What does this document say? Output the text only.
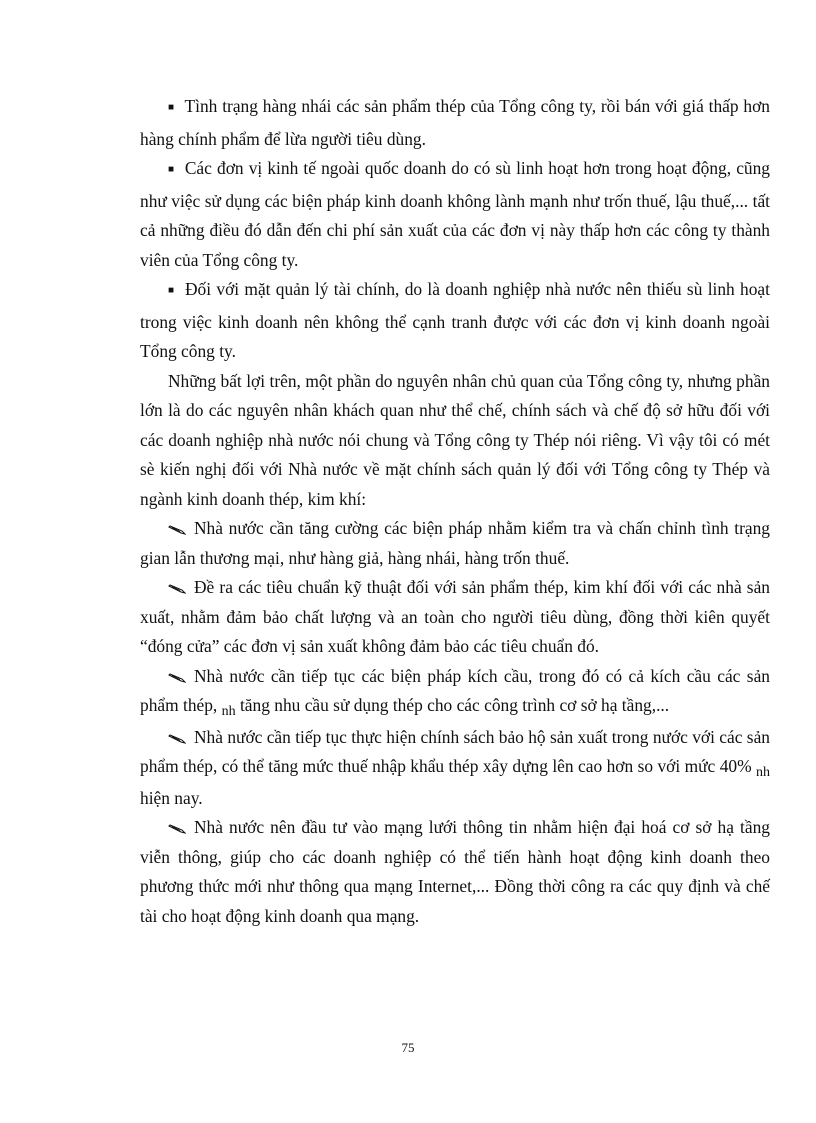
■ Tình trạng hàng nhái các sản phẩm thép của Tổng công ty, rồi bán với giá thấp hơn hàng chính phẩm để lừa người tiêu dùng.

■ Các đơn vị kinh tế ngoài quốc doanh do có sù linh hoạt hơn trong hoạt động, cũng như việc sử dụng các biện pháp kinh doanh không lành mạnh như trốn thuế, lậu thuế,... tất cả những điều đó dẫn đến chi phí sản xuất của các đơn vị này thấp hơn các công ty thành viên của Tổng công ty.

■ Đối với mặt quản lý tài chính, do là doanh nghiệp nhà nước nên thiếu sù linh hoạt trong việc kinh doanh nên không thể cạnh tranh được với các đơn vị kinh doanh ngoài Tổng công ty.

Những bất lợi trên, một phần do nguyên nhân chủ quan của Tổng công ty, nhưng phần lớn là do các nguyên nhân khách quan như thể chế, chính sách và chế độ sở hữu đối với các doanh nghiệp nhà nước nói chung và Tổng công ty Thép nói riêng. Vì vậy tôi có mét sè kiến nghị đối với Nhà nước về mặt chính sách quản lý đối với Tổng công ty Thép và ngành kinh doanh thép, kim khí:

Nhà nước cần tăng cường các biện pháp nhằm kiểm tra và chấn chỉnh tình trạng gian lẫn thương mại, như hàng giả, hàng nhái, hàng trốn thuế.

Đề ra các tiêu chuẩn kỹ thuật đối với sản phẩm thép, kim khí đối với các nhà sản xuất, nhằm đảm bảo chất lượng và an toàn cho người tiêu dùng, đồng thời kiên quyết “đóng cửa” các đơn vị sản xuất không đảm bảo các tiêu chuẩn đó.

Nhà nước cần tiếp tục các biện pháp kích cầu, trong đó có cả kích cầu các sản phẩm thép, $_{nh}$ tăng nhu cầu sử dụng thép cho các công trình cơ sở hạ tầng,...

Nhà nước cần tiếp tục thực hiện chính sách bảo hộ sản xuất trong nước với các sản phẩm thép, có thể tăng mức thuế nhập khẩu thép xây dựng lên cao hơn so với mức 40% $_{nh}$ hiện nay.

Nhà nước nên đầu tư vào mạng lưới thông tin nhằm hiện đại hoá cơ sở hạ tầng viễn thông, giúp cho các doanh nghiệp có thể tiến hành hoạt động kinh doanh theo phương thức mới như thông qua mạng Internet,... Đồng thời công ra các quy định và chế tài cho hoạt động kinh doanh qua mạng.

75
